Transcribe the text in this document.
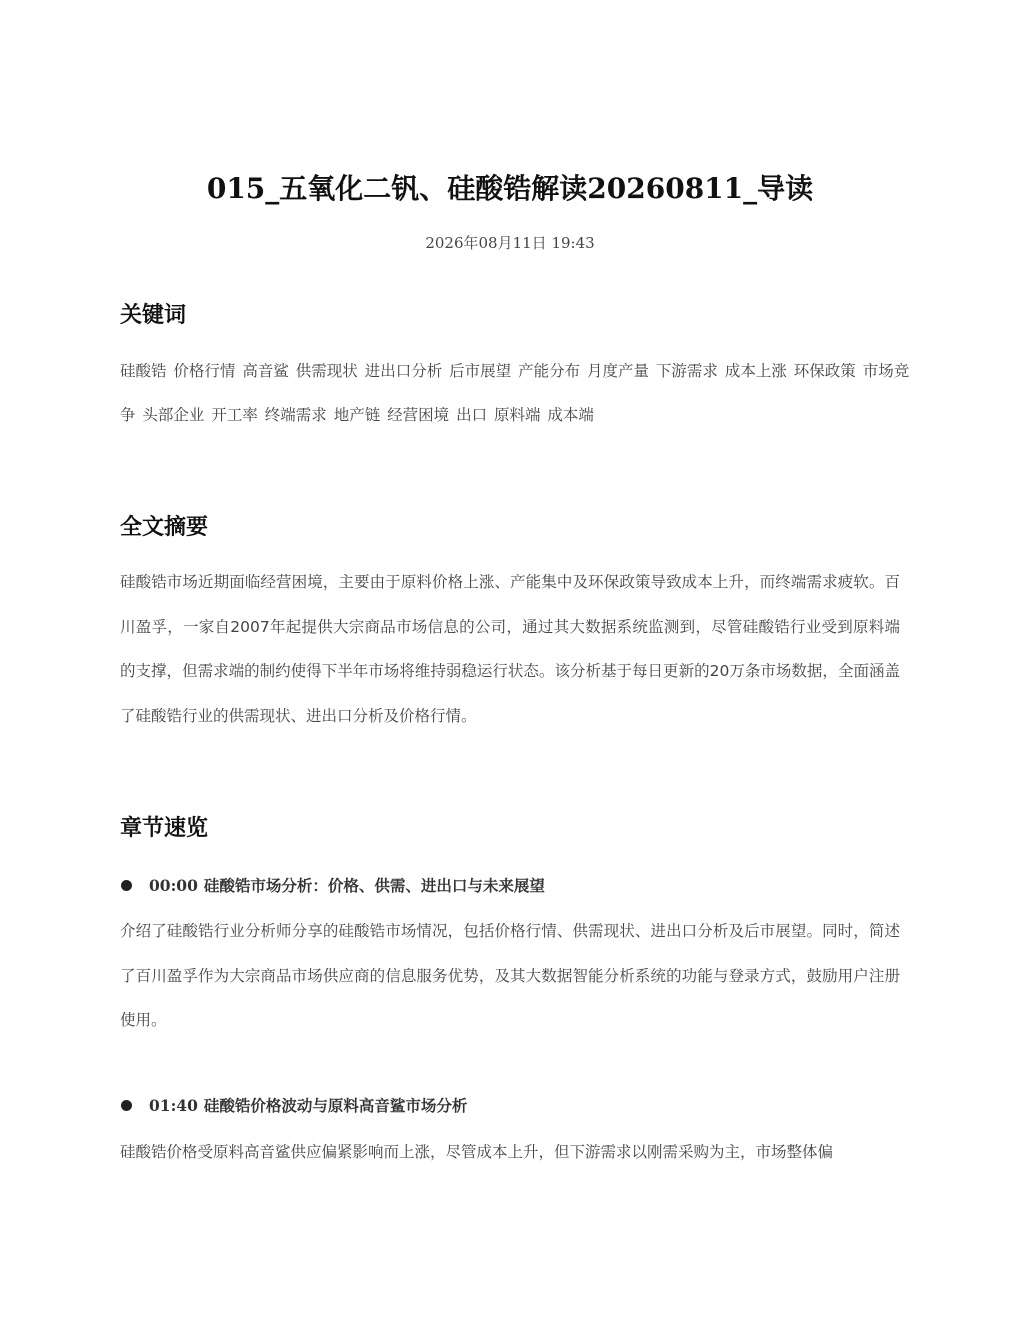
015_五氧化二钒、硅酸锆解读20260811_导读
2026年08月11日 19:43
关键词
硅酸锆 价格行情 高音鲨 供需现状 进出口分析 后市展望 产能分布 月度产量 下游需求 成本上涨 环保政策 市场竞争 头部企业 开工率 终端需求 地产链 经营困境 出口 原料端 成本端
全文摘要

硅酸锆市场近期面临经营困境，主要由于原料价格上涨、产能集中及环保政策导致成本上升，而终端需求疲软。百川盈孚，一家自2007年起提供大宗商品市场信息的公司，通过其大数据系统监测到，尽管硅酸锆行业受到原料端的支撑，但需求端的制约使得下半年市场将维持弱稳运行状态。该分析基于每日更新的20万条市场数据，全面涵盖了硅酸锆行业的供需现状、进出口分析及价格行情。

章节速览
00:00 硅酸锆市场分析：价格、供需、进出口与未来展望

介绍了硅酸锆行业分析师分享的硅酸锆市场情况，包括价格行情、供需现状、进出口分析及后市展望。同时，简述了百川盈孚作为大宗商品市场供应商的信息服务优势，及其大数据智能分析系统的功能与登录方式，鼓励用户注册使用。

01:40 硅酸锆价格波动与原料高音鲨市场分析

硅酸锆价格受原料高音鲨供应偏紧影响而上涨，尽管成本上升，但下游需求以刚需采购为主，市场整体偏
